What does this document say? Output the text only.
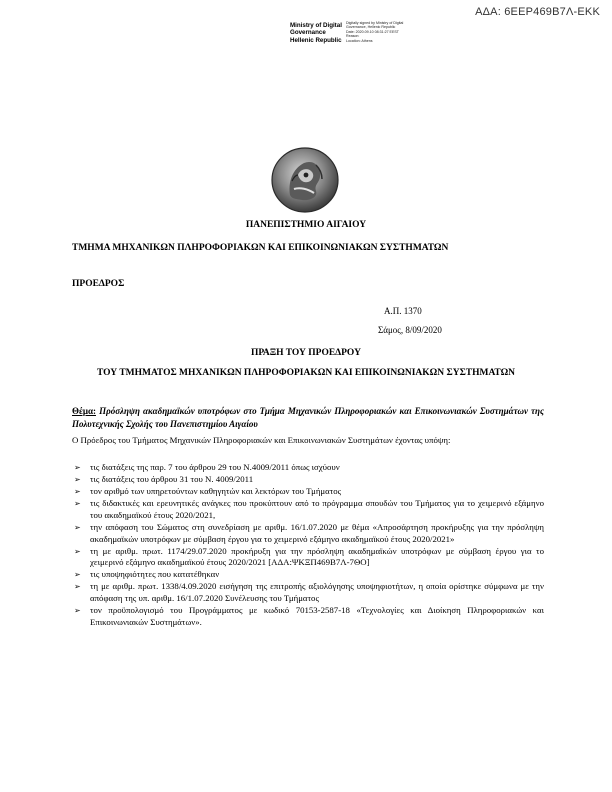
ΑΔΑ: 6ΕΕΡ469Β7Λ-ΕΚΚ
Ministry of Digital
Governance
Hellenic Republic
Digitally signed by Ministry of Digital
Governance, Hellenic Republic
Date: 2020.09.10 08:31:27 EEST
Reason:
Location: Athens
ΠΑΝΕΠΙΣΤΗΜΙΟ ΑΙΓΑΙΟΥ
ΤΜΗΜΑ ΜΗΧΑΝΙΚΩΝ ΠΛΗΡΟΦΟΡΙΑΚΩΝ ΚΑΙ ΕΠΙΚΟΙΝΩΝΙΑΚΩΝ ΣΥΣΤΗΜΑΤΩΝ
ΠΡΟΕΔΡΟΣ
Α.Π. 1370
Σάμος, 8/09/2020
ΠΡΑΞΗ ΤΟΥ ΠΡΟΕΔΡΟΥ
ΤΟΥ ΤΜΗΜΑΤΟΣ ΜΗΧΑΝΙΚΩΝ ΠΛΗΡΟΦΟΡΙΑΚΩΝ ΚΑΙ ΕΠΙΚΟΙΝΩΝΙΑΚΩΝ ΣΥΣΤΗΜΑΤΩΝ
Θέμα: Πρόσληψη ακαδημαϊκών υποτρόφων στο Τμήμα Μηχανικών Πληροφοριακών και Επικοινωνιακών Συστημάτων της Πολυτεχνικής Σχολής του Πανεπιστημίου Αιγαίου
Ο Πρόεδρος του Τμήματος Μηχανικών Πληροφοριακών και Επικοινωνιακών Συστημάτων έχοντας υπόψη:
➢ τις διατάξεις της παρ. 7 του άρθρου 29 του Ν.4009/2011 όπως ισχύουν
➢ τις διατάξεις του άρθρου 31 του Ν. 4009/2011
➢ τον αριθμό των υπηρετούντων καθηγητών και λεκτόρων του Τμήματος
➢ τις διδακτικές και ερευνητικές ανάγκες που προκύπτουν από το πρόγραμμα σπουδών του Τμήματος για το χειμερινό εξάμηνο του ακαδημαϊκού έτους 2020/2021,
➢ την απόφαση του Σώματος στη συνεδρίαση με αριθμ. 16/1.07.2020 με θέμα «Απροσάρτηση προκήρυξης για την πρόσληψη ακαδημαϊκών υποτρόφων με σύμβαση έργου για το χειμερινό εξάμηνο ακαδημαϊκού έτους 2020/2021»
➢ τη με αριθμ. πρωτ. 1174/29.07.2020 προκήρυξη για την πρόσληψη ακαδημαϊκών υποτρόφων με σύμβαση έργου για το χειμερινό εξάμηνο ακαδημαϊκού έτους 2020/2021 [ΑΔΑ:ΨΚΞΠ469Β7Λ-7ΘΟ]
➢ τις υποψηφιότητες που κατατέθηκαν
➢ τη με αριθμ. πρωτ. 1338/4.09.2020 εισήγηση της επιτροπής αξιολόγησης υποψηφιοτήτων, η οποία ορίστηκε σύμφωνα με την απόφαση της υπ. αριθμ. 16/1.07.2020 Συνέλευσης του Τμήματος
➢ τον προϋπολογισμό του Προγράμματος με κωδικό 70153-2587-18 «Τεχνολογίες και Διοίκηση Πληροφοριακών και Επικοινωνιακών Συστημάτων».
